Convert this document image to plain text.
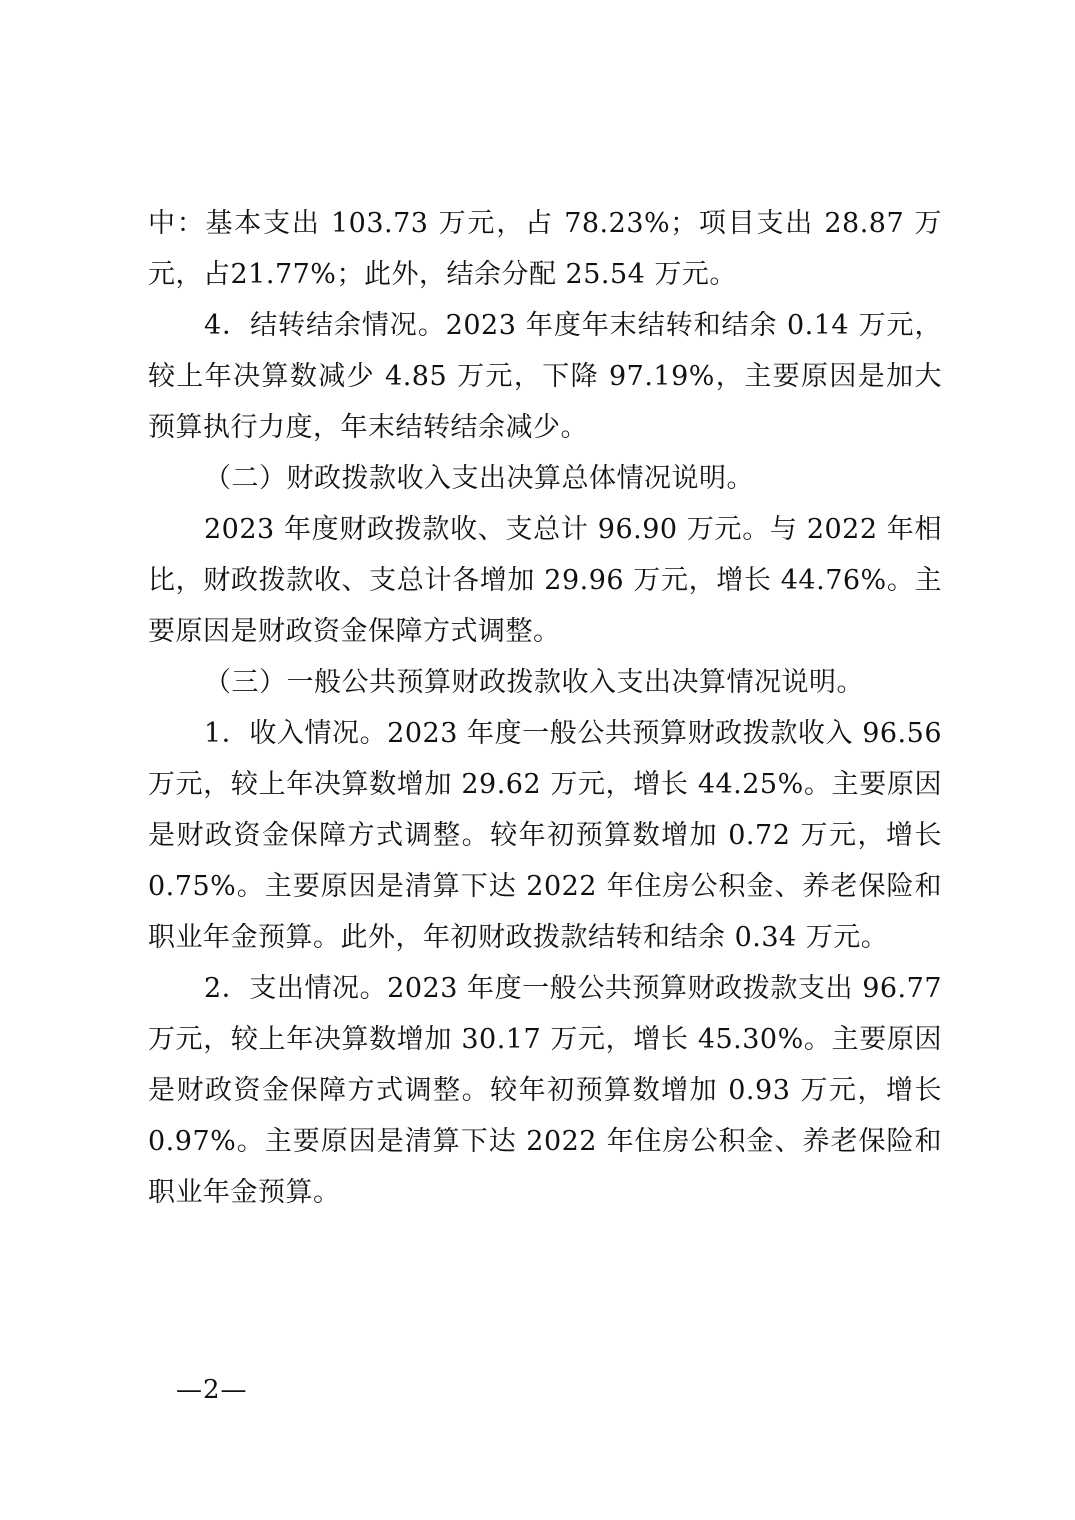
中：基本支出 103.73 万元，占 78.23%；项目支出 28.87 万元，占21.77%；此外，结余分配 25.54 万元。

4．结转结余情况。2023 年度年末结转和结余 0.14 万元，较上年决算数减少 4.85 万元，下降 97.19%，主要原因是加大预算执行力度，年末结转结余减少。

（二）财政拨款收入支出决算总体情况说明。

2023 年度财政拨款收、支总计 96.90 万元。与 2022 年相比，财政拨款收、支总计各增加 29.96 万元，增长 44.76%。主要原因是财政资金保障方式调整。

（三）一般公共预算财政拨款收入支出决算情况说明。

1．收入情况。2023 年度一般公共预算财政拨款收入 96.56 万元，较上年决算数增加 29.62 万元，增长 44.25%。主要原因是财政资金保障方式调整。较年初预算数增加 0.72 万元，增长0.75%。主要原因是清算下达 2022 年住房公积金、养老保险和职业年金预算。此外，年初财政拨款结转和结余 0.34 万元。

2．支出情况。2023 年度一般公共预算财政拨款支出 96.77 万元，较上年决算数增加 30.17 万元，增长 45.30%。主要原因是财政资金保障方式调整。较年初预算数增加 0.93 万元，增长0.97%。主要原因是清算下达 2022 年住房公积金、养老保险和职业年金预算。

—2—
